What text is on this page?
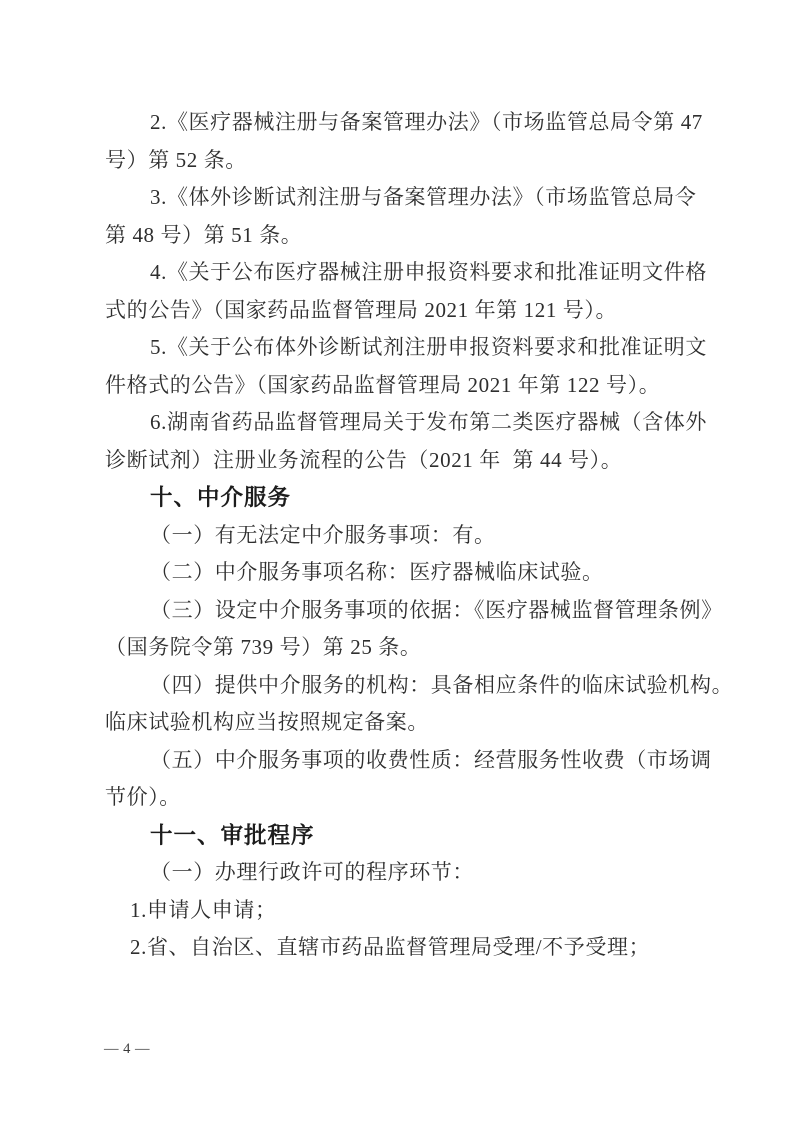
2.《医疗器械注册与备案管理办法》（市场监管总局令第 47
号）第 52 条。
3.《体外诊断试剂注册与备案管理办法》（市场监管总局令
第 48 号）第 51 条。
4.《关于公布医疗器械注册申报资料要求和批准证明文件格
式的公告》（国家药品监督管理局 2021 年第 121 号）。
5.《关于公布体外诊断试剂注册申报资料要求和批准证明文
件格式的公告》（国家药品监督管理局 2021 年第 122 号）。
6.湖南省药品监督管理局关于发布第二类医疗器械（含体外
诊断试剂）注册业务流程的公告（2021 年  第 44 号）。
十、中介服务
（一）有无法定中介服务事项：有。
（二）中介服务事项名称：医疗器械临床试验。
（三）设定中介服务事项的依据：《医疗器械监督管理条例》
（国务院令第 739 号）第 25 条。
（四）提供中介服务的机构：具备相应条件的临床试验机构。
临床试验机构应当按照规定备案。
（五）中介服务事项的收费性质：经营服务性收费（市场调
节价）。
十一、审批程序
（一）办理行政许可的程序环节：
1.申请人申请；
2.省、自治区、直辖市药品监督管理局受理/不予受理；
— 4 —
